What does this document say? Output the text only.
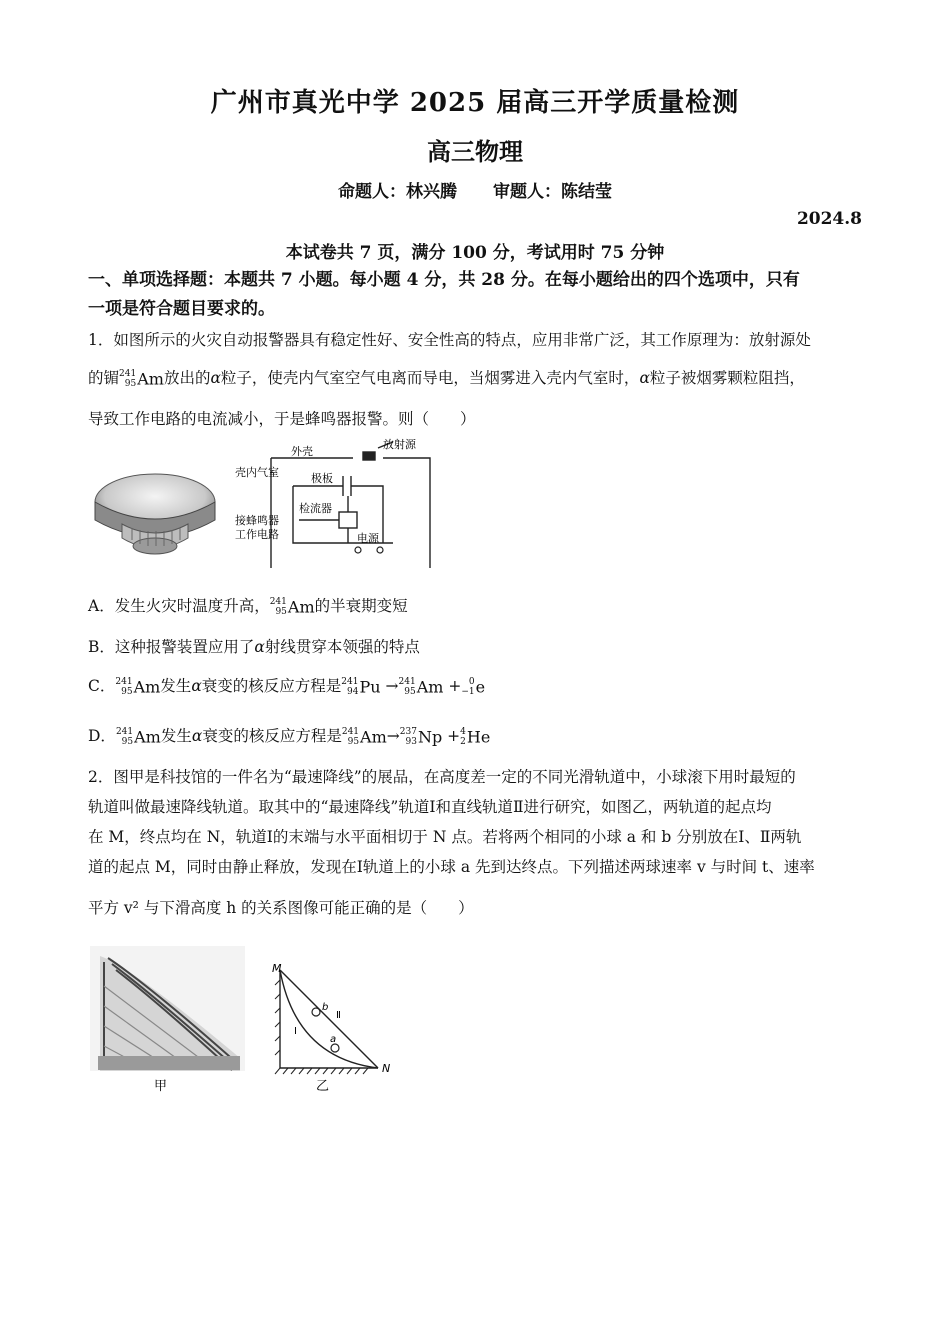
广州市真光中学 2025 届高三开学质量检测
高三物理
命题人：林兴腾 审题人：陈结莹
2024.8
本试卷共 7 页，满分 100 分，考试用时 75 分钟
一、单项选择题：本题共 7 小题。每小题 4 分，共 28 分。在每小题给出的四个选项中，只有
一项是符合题目要求的。
1．如图所示的火灾自动报警器具有稳定性好、安全性高的特点，应用非常广泛，其工作原理为：放射源处
的镅 241
95 Am放出的α粒子，使壳内气室空气电离而导电，当烟雾进入壳内气室时，α粒子被烟雾颗粒阻挡，
导致工作电路的电流减小，于是蜂鸣器报警。则（　　）
外壳
放射源
壳内气室	极板
检流器
接蜂鸣器
工作电路	电源
A．发生火灾时温度升高， 241
95 Am的半衰期变短
B．这种报警装置应用了α射线贯穿本领强的特点
C． 241
95 Am发生α衰变的核反应方程是 241
94 Pu → 241
95 Am + 0
−1 e
D． 241
95 Am发生α衰变的核反应方程是 241
95 Am→ 237
93 Np + 4
2 He
2．图甲是科技馆的一件名为“最速降线”的展品，在高度差一定的不同光滑轨道中，小球滚下用时最短的
轨道叫做最速降线轨道。取其中的“最速降线”轨道Ⅰ和直线轨道Ⅱ进行研究，如图乙，两轨道的起点均
在 M，终点均在 N，轨道Ⅰ的末端与水平面相切于 N 点。若将两个相同的小球 a 和 b 分别放在Ⅰ、Ⅱ两轨
道的起点 M，同时由静止释放，发现在Ⅰ轨道上的小球 a 先到达终点。下列描述两球速率 v 与时间 t、速率
平方 v² 与下滑高度 h 的关系图像可能正确的是（　　）
甲
M
N
b
a
Ⅰ
Ⅱ
乙
